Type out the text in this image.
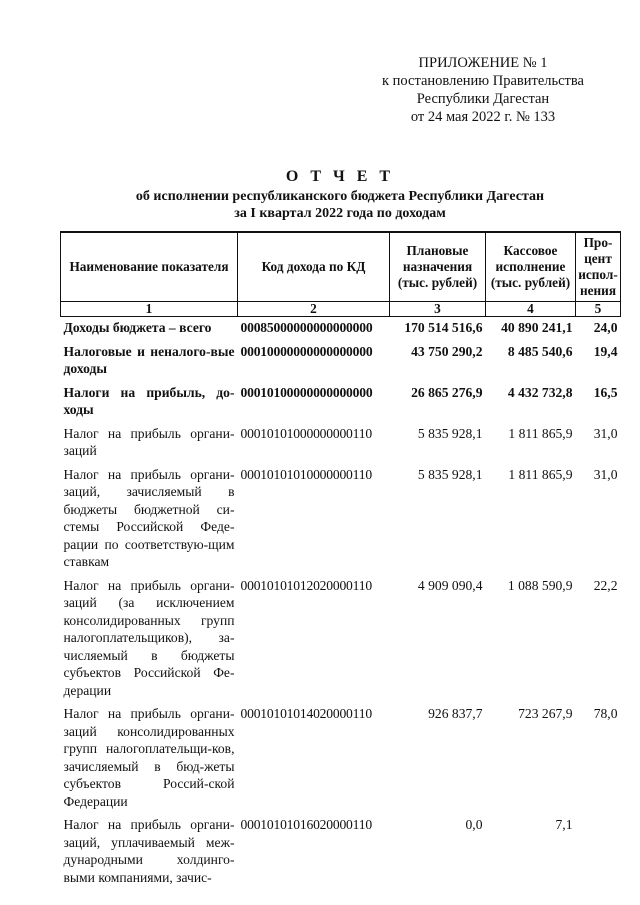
ПРИЛОЖЕНИЕ № 1
к постановлению Правительства
Республики Дагестан
от 24 мая 2022 г. № 133
О Т Ч Е Т
об исполнении республиканского бюджета Республики Дагестан
за I квартал 2022 года по доходам
Наименование показателя	Код дохода по КД	Плановые назначения (тыс. рублей)	Кассовое исполнение (тыс. рублей)	Про-цент испол-нения
1	2	3	4	5
Доходы бюджета – всего	00085000000000000000	170 514 516,6	40 890 241,1	24,0
Налоговые и неналого-вые доходы	00010000000000000000	43 750 290,2	8 485 540,6	19,4
Налоги на прибыль, до-ходы	00010100000000000000	26 865 276,9	4 432 732,8	16,5
Налог на прибыль органи-заций	00010101000000000110	5 835 928,1	1 811 865,9	31,0
Налог на прибыль органи-заций, зачисляемый в бюджеты бюджетной си-стемы Российской Феде-рации по соответствую-щим ставкам	00010101010000000110	5 835 928,1	1 811 865,9	31,0
Налог на прибыль органи-заций (за исключением консолидированных групп налогоплательщиков), за-числяемый в бюджеты субъектов Российской Фе-дерации	00010101012020000110	4 909 090,4	1 088 590,9	22,2
Налог на прибыль органи-заций консолидированных групп налогоплательщи-ков, зачисляемый в бюд-жеты субъектов Россий-ской Федерации	00010101014020000110	926 837,7	723 267,9	78,0
Налог на прибыль органи-заций, уплачиваемый меж-дународными холдинго-выми компаниями, зачис-	00010101016020000110	0,0	7,1	
